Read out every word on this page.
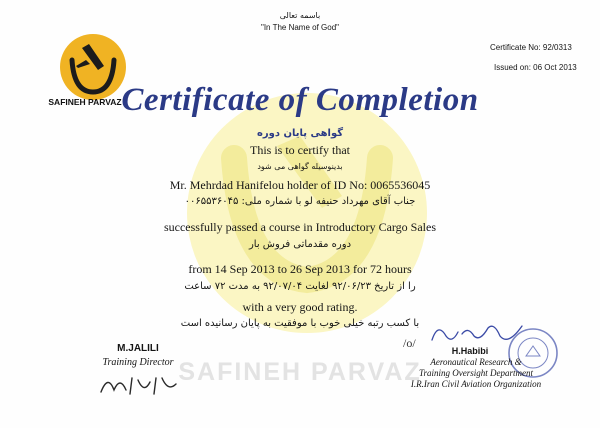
SAFINEH PARVAZ
SAFINEH PARVAZ
باسمه تعالی
"In The Name of God"
Certificate No: 92/0313
Issued on: 06 Oct 2013
Certificate of Completion
گواهی پایان دوره
This is to certify that
بدینوسیله گواهی می شود
Mr. Mehrdad Hanifelou holder of ID No: 0065536045
جناب آقای مهرداد حنیفه لو با شماره ملی: ۰۰۶۵۵۳۶۰۴۵
successfully passed a course in Introductory Cargo Sales
دوره مقدماتی فروش بار
from 14 Sep 2013 to 26 Sep 2013 for 72 hours
را از تاریخ ۹۲/۰۶/۲۳ لغایت ۹۲/۰۷/۰۴ به مدت ۷۲ ساعت
with a very good rating.
با کسب رتبه خیلی خوب با موفقیت به پایان رسانیده است
M.JALILI
Training Director
/o/
H.Habibi
Aeronautical Research &
Training Oversight Department
I.R.Iran Civil Aviation Organization
